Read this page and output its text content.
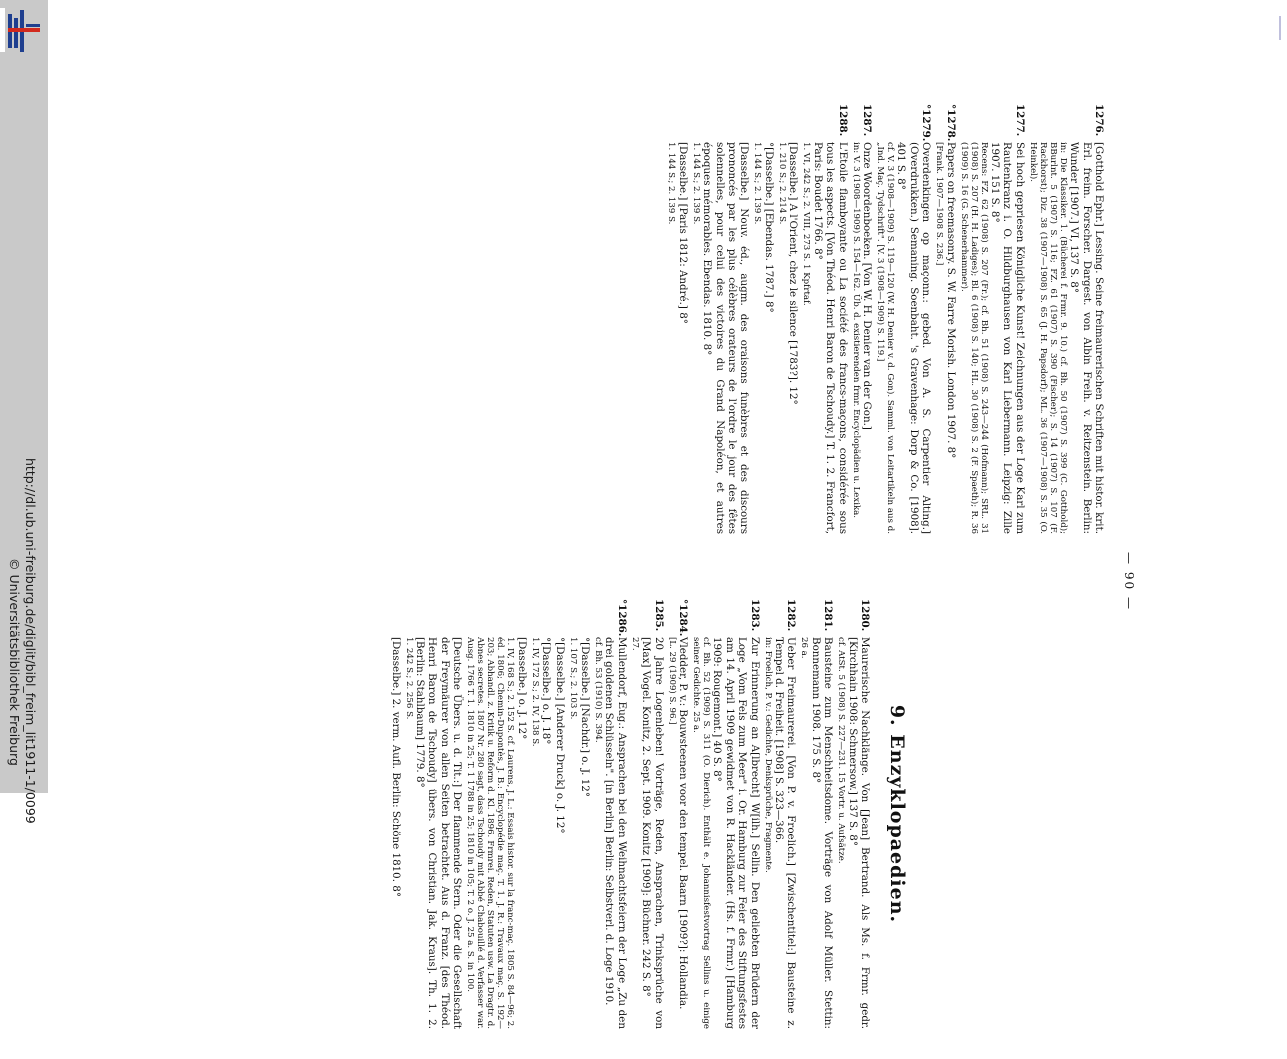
http://dl.ub.uni-freiburg.de/diglit/bibl_freim_lit1911-1/0099
© Universitätsbibliothek Freiburg	— 90 —
1276.
[Gotthold Ephr.] Lessing. Seine freimaurerischen Schriften mit histor. krit. Erl. freim. Forscher. Dargest. von Albin Freih. v. Reitzenstein. Berlin: Wunder [1907.] VI, 137 S. 8°
in: Die Klassiker. 1. (Bücherei f. Frmr. 9. 10.) cf. Bh. 50 (1907) S. 399 (C. Gotthold); BBurlnt. 5 (1907) S. 116; FZ. 61 (1907) S. 390 (Fischer); S. 14 (1907) S. 107 (F. Rackhorst); Diz. 38 (1907—1908) S. 65 (J. H. Papsdorf); ML. 36 (1907—1908) S. 35 (O. Heinkel).
1277.
Sei hoch gepriesen Königliche Kunst! Zeichnungen aus der Loge Karl zum Rautenkranz i. O. Hildburghausen von Karl Liebermann. Leipzig: Zille 1907. 151 S. 8°
Recens: FZ. 62 (1908) S. 207 (Fr.); cf. Bh. 51 (1908) S. 243—244 (Hofmann); SRL. 31 (1908) S. 207 (H. H. Ladiges); Bl. 6 (1908) S. 140; HL. 30 (1908) S. 2 (F. Spaeth); R. 36 (1909) S. 16 (G. Schenerhammer).
°1278.
Papers on freemasonry. S. W. Farre Morish. London 1907. 8°
[Frank. 1907—1908 S. 236.]
°1279.
Overdenkingen op maçonn.: gebed. Von A. S. Carpentier Alting.] (Overdrukken.) Semaning. Soenbaht. 's Gravenhage: Dorp & Co. [1908]. 401 S. 8°
cf. V. 3 (1908—1909) S. 119—120 (W. H. Denier v. d. Gon). Samml. von Leitartikeln aus d. „Ind. Maç. Tydschrift". [V. 3 (1908—1909) S. 119.]
1287.
Onze Woordenboeken. [Von W. H. Denier van der Gon.]
in: V. 3 (1908—1909) S. 154—162. Üb. d. existierenden frmr. Encyclopädien u. Lexika.
1288.
L'Etoile flamboyante ou La société des francs-maçons, considérée sous tous les aspects. [Von Théod. Henri Baron de Tschoudy.] T. 1. 2. Francfort, Paris: Boudet 1766. 8°
1. VI, 242 S.; 2. VIII, 273 S. 1 Kpfrtaf.
[Dasselbe.] A l'Orient, chez le silence [1783?]. 12°
1. 210 S.; 2. 214 S.
°[Dasselbe.] [Ebendas. 1787.] 8°
1. 144 S.; 2. 139 S.
[Dasselbe.] Nouv. éd., augm. des oraisons funèbres et des discours prononcés par les plus célèbres orateurs de l'ordre le jour des fêtes solennelles, pour celui des victoires du Grand Napoléon, et autres époques mémorables. Ebendas. 1810. 8°
1. 144 S.; 2. 139 S.
[Dasselbe.] [Paris 1812: André.] 8°
1. 144 S.; 2. 139 S.
9. Enzyklopaedien.
1280.
Maurerische Nachklänge. Von [Jean] Bertrand. Als Ms. f. Frmr. gedr. [Kirchhain 1908: Schmersow.] 137 S. 8°
cf. AtSt. 5 (1908) S. 227—231. 15 Vortr. u. Aufsätze.
1281.
Bausteine zum Menschheitsdome. Vorträge von Adolf Müller. Stettin: Bonnemann 1908. 175 S. 8°
26 a.
1282.
Ueber Freimaurerei. [Von P. v. Froelich.] [Zwischentitel:] Bausteine z. Tempel d. Freiheit. [1908] S. 323—366.
in: Froelich, P. v.: Gedichte, Denksprüche, Fragmente.
1283.
Zur Erinnerung an A[lbrecht] W[ilh.] Sellin. Den geliebten Brüdern der Loge „Vom Fels zum Meer" i. Or. Hamburg zur Feier des Stiftungsfestes am 14. April 1909 gewidmet von R. Hackländer. (Hs. f. Frmr.) [Hamburg 1909: Rougemont.] 40 S. 8°
cf. Bh. 52 (1909) S. 311 (O. Dierich). Enthält e. Johannisfestvortrag Sellins u. einige seiner Gedichte. 25 a.
°1284.
Vledder, P. v.: Bouwsteenen voor den tempel. Baarn [1909?]: Hollandia.
[L. 29 (1909) S. 96.]
1285.
20 Jahre Logenleben! Vorträge, Reden, Ansprachen, Trinksprüche von [Max] Vogel. Konitz, 2. Sept. 1909. Konitz [1909]: Büchner. 242 S. 8°
27.
°1286.
Mullendorf, Eug.: Ansprachen bei den Weihnachtsfeiern der Loge „Zu den drei goldenen Schlüsseln". [in Berlin] Berlin: Selbstverl. d. Loge 1910.
cf. Bh. 53 (1910) S. 394.
°[Dasselbe.] [Nachdr.] o. J. 12°
1. 107 S.; 2. 103 S.
°[Dasselbe.] [Anderer Druck] o. J. 12°
°[Dasselbe.] o. J. 18°
1. IV, 172 S.; 2. IV, 138 S.
[Dasselbe.] o. J. 12°
1. IV, 168 S.; 2. 152 S. cf. Laurens, J. L.: Essais histor. sur la franc-maç. 1805 S. 84—96; 2. éd. 1806; Chemin-Dupontès, J. B.: Encyclopédie maç. T. 1. J. R.: Travaux maç. S. 192—203; Abhandl. z. Kritik u. Reform d. Kl. 1896. Frmrei. Reden, Statuten usw. La Dragtr. d. Abnes secretes. 1807 Nr. 280 sagt, dass Tschoudy mit Abbé Chabouillé d. Verfasser war. Ausg. 1766 T. 1. 1810 in 25; T. 1 1788 in 25; 1810 in 105; T. 2 o. J. 25 a. S. in 100.
[Deutsche Übers. u. d. Tit.:] Der flammende Stern. Oder die Gesellschaft der Freymäurer von allen Seiten betrachtet. Aus d. Franz. [des Théod. Henri Baron de Tschoudy] übers. von Christian. Jak. Kraus]. Th. 1. 2. [Berlin: Stahlbaum] 1779. 8°
1. 242 S.; 2. 256 S.
[Dasselbe.] 2. verm. Aufl. Berlin: Schöne 1810. 8°
